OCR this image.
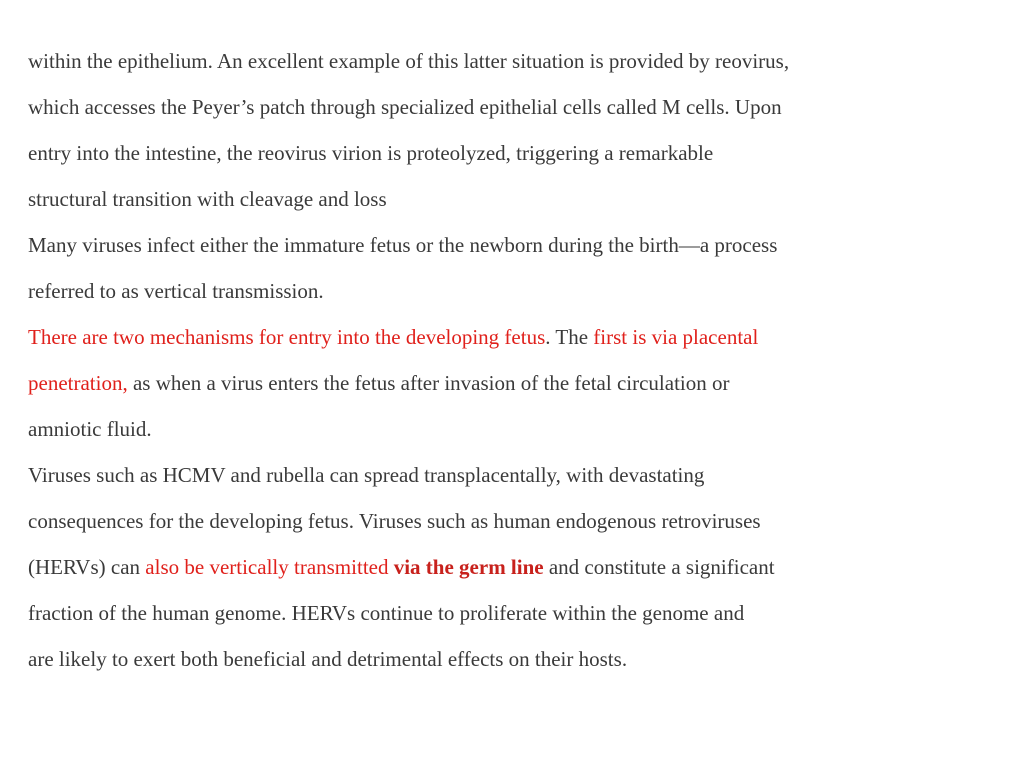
within the epithelium. An excellent example of this latter situation is provided by reovirus,
which accesses the Peyer’s patch through specialized epithelial cells called M cells. Upon
entry into the intestine, the reovirus virion is proteolyzed, triggering a remarkable
structural transition with cleavage and loss
Many viruses infect either the immature fetus or the newborn during the birth—a process
referred to as vertical transmission.
There are two mechanisms for entry into the developing fetus. The first is via placental
penetration, as when a virus enters the fetus after invasion of the fetal circulation or
amniotic fluid.
Viruses such as HCMV and rubella can spread transplacentally, with devastating
consequences for the developing fetus. Viruses such as human endogenous retroviruses
(HERVs) can also be vertically transmitted via the germ line and constitute a significant
fraction of the human genome. HERVs continue to proliferate within the genome and
are likely to exert both beneficial and detrimental effects on their hosts.
